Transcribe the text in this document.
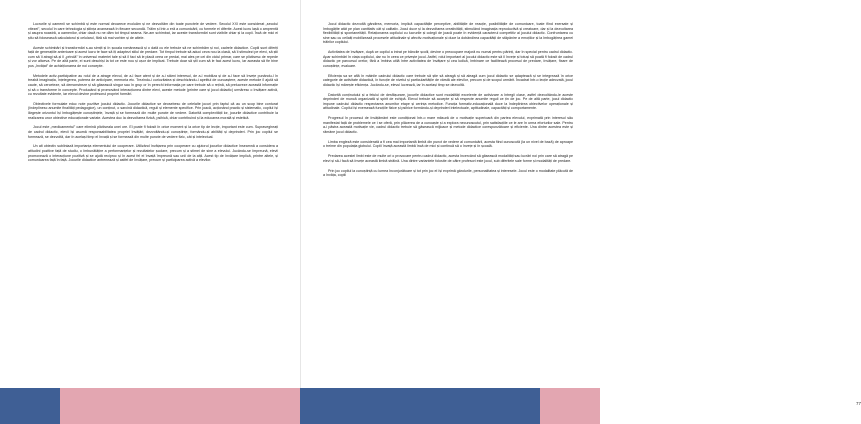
Lucrurile și oamenii se schimbă și este normal deoarece evoluăm și ne dezvoltăm din toate punctele de vedere. Secolul XXI este considerat „secolul vitezei”, secolul în care tehnologia și știința avansează în fiecare secundă. Trăim și într-o eră a comunicării, cu formele ei diferite. Acest lucru lasă o amprentă și asupra noastră, a oamenilor, chiar dacă nu ne dăm tot timpul seama. Ne-am schimbat, iar aceste transformări sunt vizibile chiar și la copii. Încă de mici ei știu să folosească calculatorul și celularul, fără să mai vorbim și de altele.

Aceste schimbări și transformări s-au simțit și în școala românească și o dată cu ele trebuie să ne schimbăm și noi, cadrele didactice. Copiii sunt diferiți față de generațiile anterioare și acest lucru te face să îți adaptezi stilul de predare. Tot timpul trebuie să aduci ceva nou la clasă, să îi stimulezi pe elevi, să știi cum să îi atragi să-și îi „prindă” în universul materiei tale și să îi faci să le placă ceea ce predai, mai ales pe cei din ciclul primar, care se plictisesc de repede și vor altceva. Pe de altă parte, ei sunt deschiși la tot ce este nou și ușor de implicat. Trebuie doar să știi cum să le faci acest lucru, iar aceasta să fie bine pus „învățat” de achiziționarea de noi concepte.

Metodele activ-participative au rolul de a atrage elevul, de a-l face atent și de a-i stârni interesul, de a-l mobiliza și de a-l face să învețe punându-l în treabă imaginația, înțelegerea, puterea de anticipare, memoria etc. Trezindu-i curiozitatea și deschizându-i apetitul de cunoaștere, aceste metode îl ajută să caute, să cerceteze, să demonstreze și să găsească singur sau în grup or în perechi informația pe care trebuie să o rețină, să prelucreze această informație și să o transforme în concepte. Producând și promovând interacțiunea dintre elevi, aceste metode (printre care și jocul didactic) urmăresc o învățare activă, cu rezultate evidente, iar elevul devine profesorul propriei formări.

Obiectivele formulate educ note pozitive jocului didactic. Jocurile didactice se deosebesc de celelalte jocuri prin faptul că au un scop bine conturat (îndeplinesc anumite finalități pedagogice), un conținut, o sarcină didactică, reguli și elemente specifice. Prin joacă, acționând practic și sistematic, copilul își lărgește orizontul își îmbogățește cunoștințele, învață și se formează din multe puncte de vedere. Datorită complexității lor, jocurile didactice contribuie la realizarea unor obiective educaționale variate. Acestea duc la dezvoltarea fizică, psihică, chiar contribuind și la educarea morală și estetică.

Jocul este „medicamentul” care elimină plictiseala unei ore. El poate fi folosit în orice moment și la orice tip de lecție, important este cum. Supravegheați de cadrul didactic, elevii își asumă responsabilitatea propriei învățări, dezvoltându-și cunoștințe, formându-și abilități și deprinderi. Prin joc copilul se formează, se dezvoltă, dar în același timp el învață și se formează din multe puncte de vedere fizic, cât și intelectual.

Un alt obiectiv subliniază importanța elementului de cooperare. Utilizând învățarea prin cooperare cu ajutorul jocurilor didactice înseamnă a considera a atitudini pozitive față de studiu, o îmbunătățire a performanțelor și rezultatelor școlare, precum și a stimei de sine a elevului. Jucându-se împreună, elevii promovează o interacțiune pozitivă și se ajută reciproc și în acest fel ei învață împreună sau unii de la alții. Acest tip de învățare implică, printre altele, și comunicarea față în față. Jocurile didactice antrenează și astfel de învățare, precum și participarea activă a elevilor.

Jocul didactic dezvoltă gândirea, memoria, implică capacitățile perceptive, abilitățile de reacție, posibilitățile de comunicare, toate fiind exersate și îmbogățite atât pe plan cantitativ cât și calitativ. Jocul duce și la dezvoltarea creativității, stimulând imaginația reproductivă și creatoare, dar și la dezvoltarea flexibilității și spontaneității. Relaționarea copilului cu lucrurile și colegii de joacă poate în evidență caracterul competitiv al jocului didactic. Confruntarea cu sine sau cu ceilalți mobilizează procesele atitudinale și afectiv-motivaționale și duce la dobândirea capacității de stăpânire a emoțiilor și la îmbogățirea gamei trăirilor copilului.

Activitatea de învățare, după ce copilul a intrat pe băncile școlii, devine o preocupare majoră nu numai pentru părinți, dar în special pentru cadrul didactic. Apar schimbări în viața copilului, dar nu în ceea ce privește jocul. Astfel, rolul important al jocului didactic este să îi învețe și totuși să poată fi folosit de cadrul didactic pe parcursul orelor, fără a îmbina utilă între activitatea de învățare și cea ludică, îmbinare ce facilitează procesul de predare, învățare, fixare de cunoștințe, evaluare.

Eficiența sa se află în mâinile cadrului didactic care trebuie să știe să aleagă și să aleagă cum jocul didactic se adaptează și se integrează în orice categorie de activitate didactică, în funcție de nivelul și particularitățile de vârstă ale elevilor, precum și de scopul urmărit. Încadrat într-o lecție adecvată, jocul didactic își mărește eficiența. Jucându-se, elevul lucrează, iar în același timp se dezvoltă.

Datorită conținutului și a felului de desfășurare, jocurile didactice sunt modalități excelente de activizare a întregii clase, astfel dezvoltându-le aceste deprinderi de muncă organizată și spirit de echipă. Elevul trebuie să accepte și să respecte anumite reguli ce țin de joc. Pe de altă parte, jocul didactic impune cadrului didactic respectarea anumitor etape și cerința metodice. Funcția formativ-educațională duce la îndeplinirea obiectivelor operaționale și atitudinale. Copilul își exersează funcțiile fizice și psihice formându-și deprinderi intelectuale, aptitudinale, capacități și comportamente.

Progresul în procesul de învățământ este condiționat într-o mare măsură de o motivație superioară din partea elevului, exprimată prin interesul său manifestat față de problemele ce i se oferă, prin plăcerea de a cunoaște și a explora necunoscutul, prin satisfacțiile ce le are în urma eforturilor sale. Pentru a-i păstra această motivație vie, cadrul didactic trebuie să găsească mijloace și metode didactice corespunzătoare și eficiente. Una dintre acestea este și rămâne jocul didactic.

Limba engleză este considerată a fi cea mai importantă limbă din punct de vedere al comunicării, acesta fiind cunoscută (la un nivel de bază) de aproape o treime din populația globului. Copiii învață această limbă încă de mici și continuă să o învețe și în școală.

Predarea acestei limbi este de multe ori o provocare pentru cadrul didactic, acesta încercând să găsească modalități sau lucrări noi prin care să atragă pe elevi și să-i facă să învețe această limbă străină. Una dintre variantele folosite de către profesori este jocul, sub diferitele sale forme și modalități de predare.

Prin joc copilul ia cunoștință cu lumea înconjurătoare și tot prin joc el își exprimă gândurile, personalitatea și interesele. Jocul este o modalitate plăcută de a învăța, copiii

77
